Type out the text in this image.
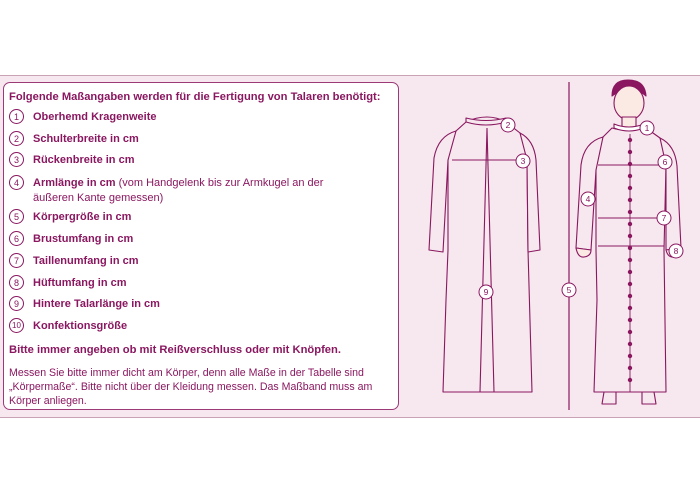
Folgende Maßangaben werden für die Fertigung von Talaren benötigt:
1	Oberhemd Kragenweite
2	Schulterbreite in cm
3	Rückenbreite in cm
4	Armlänge in cm (vom Handgelenk bis zur Armkugel an der äußeren Kante gemessen)
5	Körpergröße in cm
6	Brustumfang in cm
7	Taillenumfang in cm
8	Hüftumfang in cm
9	Hintere Talarlänge in cm
10 Konfektionsgröße
Bitte immer angeben ob mit Reißverschluss oder mit Knöpfen.
Messen Sie bitte immer dicht am Körper, denn alle Maße in der Tabelle sind „Körpermaße“. Bitte nicht über der Kleidung messen. Das Maßband muss am Körper anliegen.
2
3
9
1
6
4
7
8
5
